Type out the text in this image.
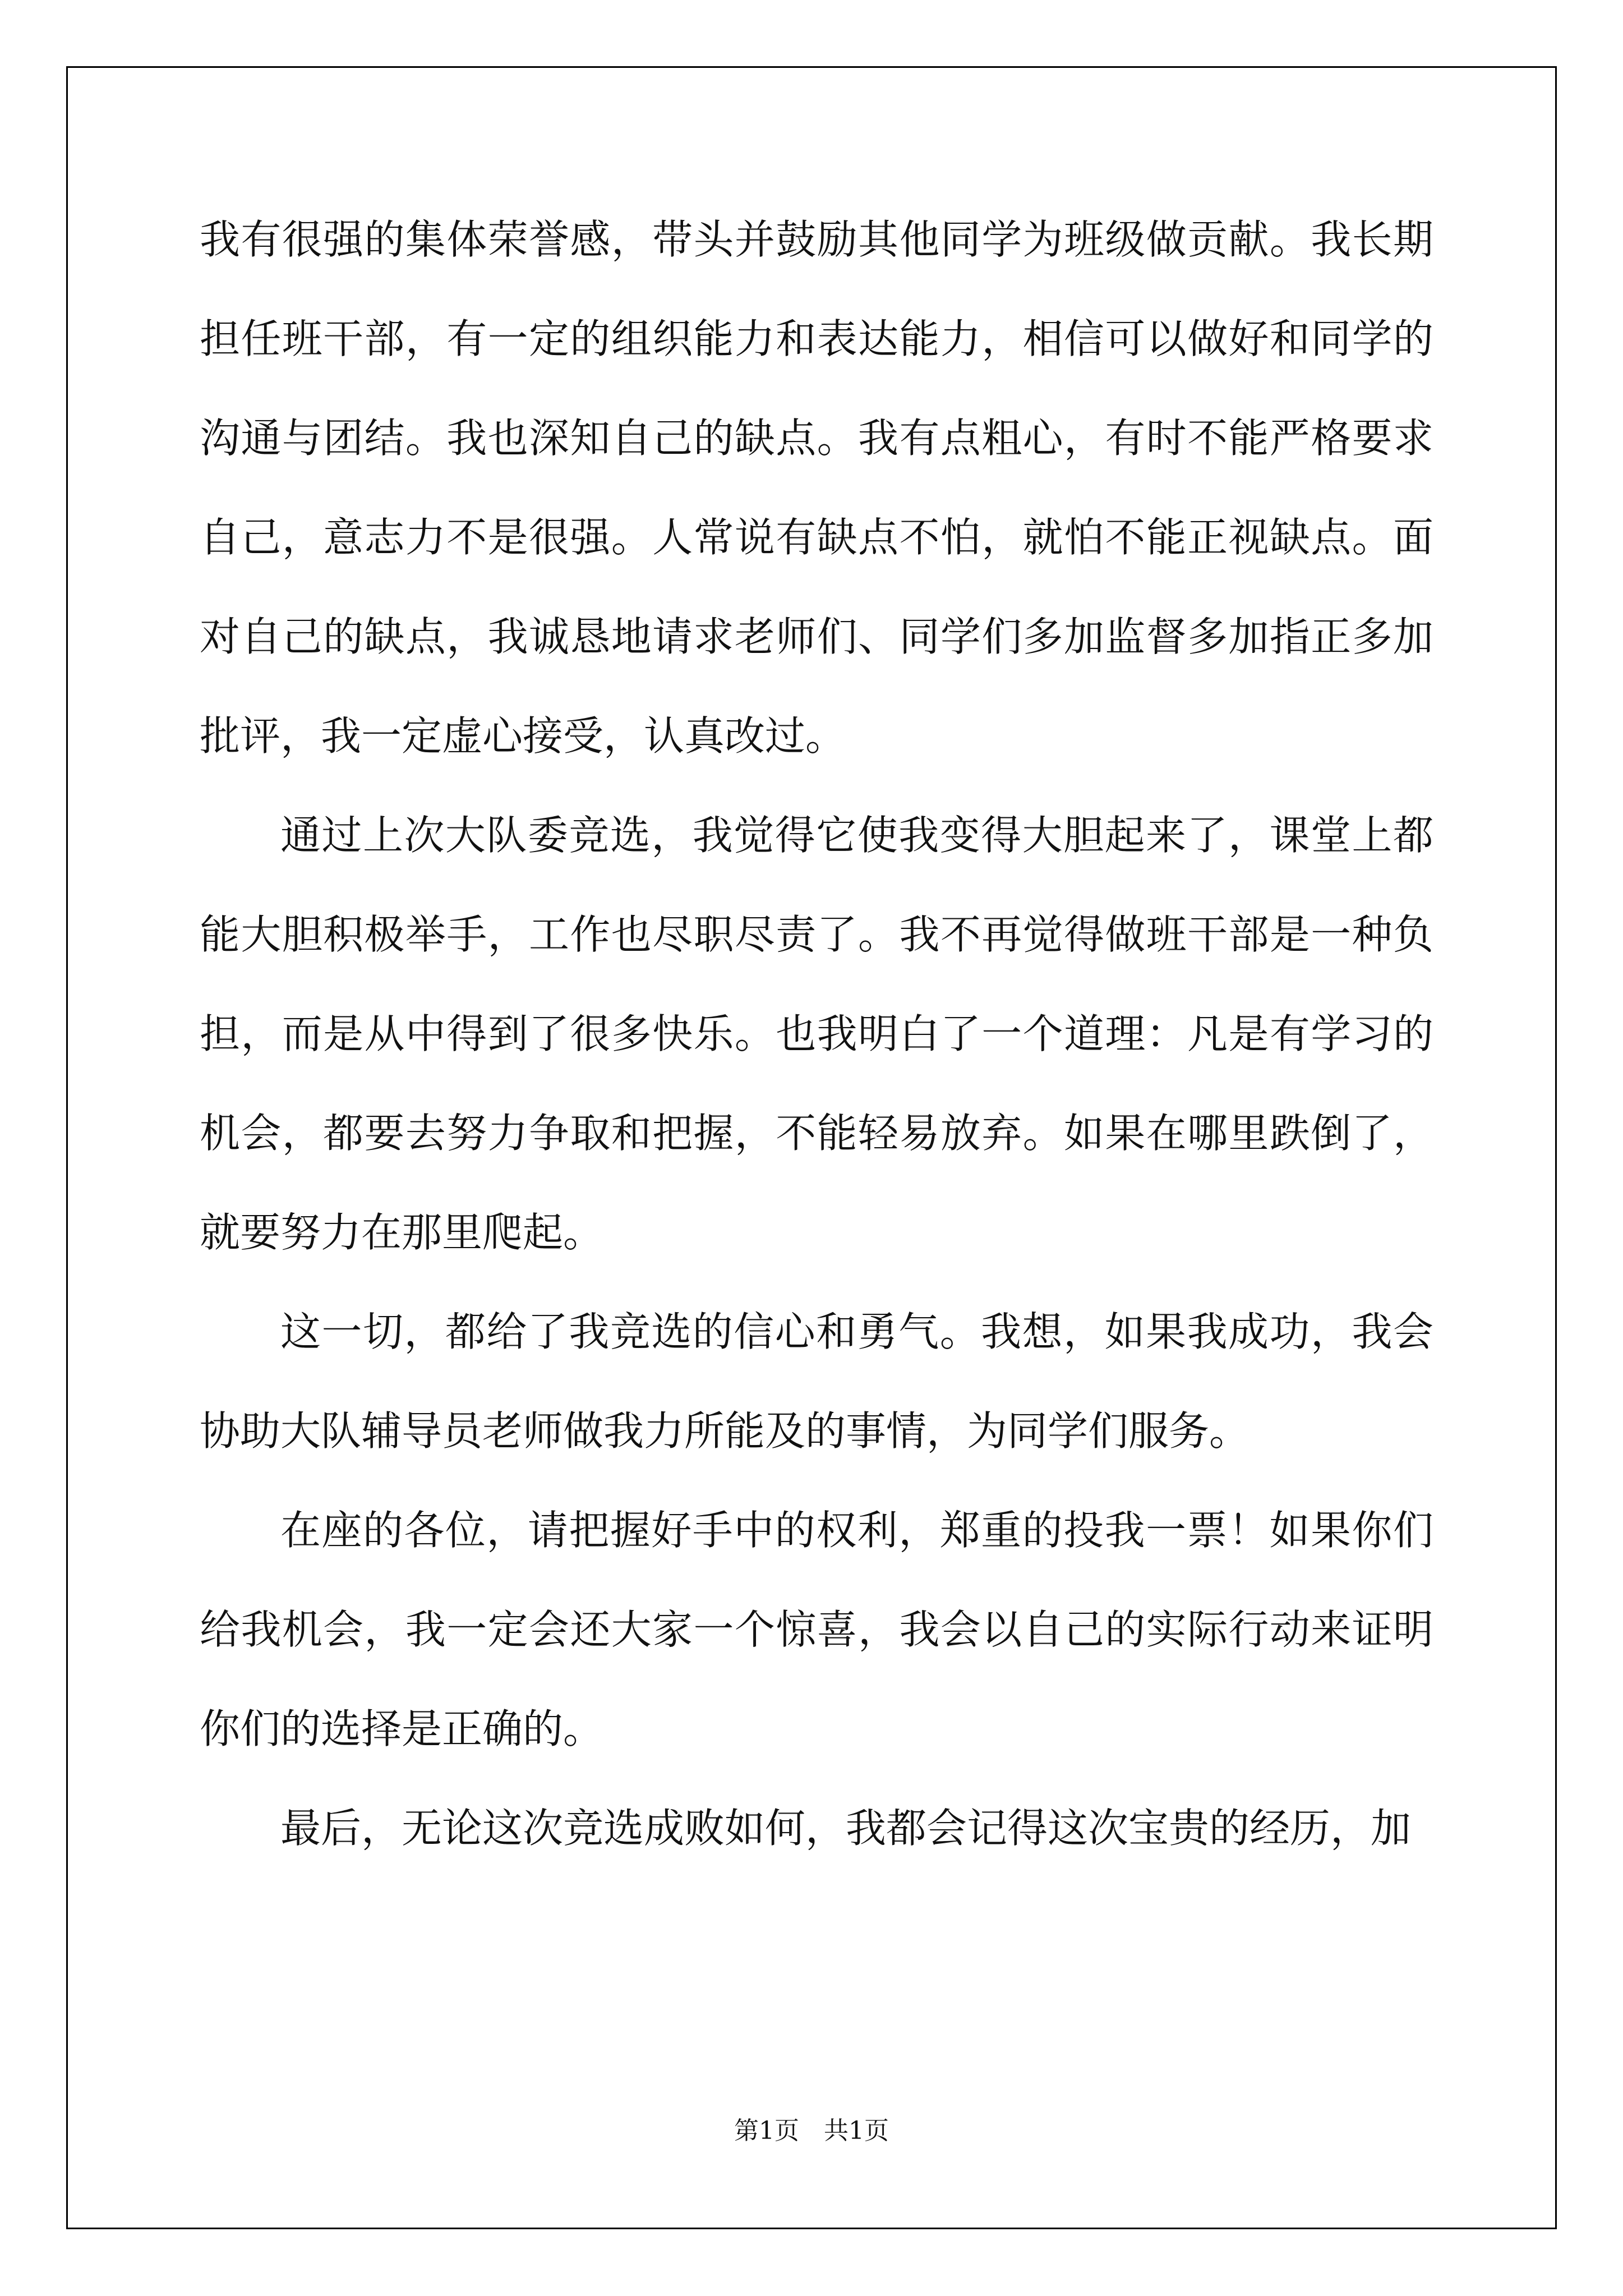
我有很强的集体荣誉感，带头并鼓励其他同学为班级做贡献。我长期
担任班干部，有一定的组织能力和表达能力，相信可以做好和同学的
沟通与团结。我也深知自己的缺点。我有点粗心，有时不能严格要求
自己，意志力不是很强。人常说有缺点不怕，就怕不能正视缺点。面
对自己的缺点，我诚恳地请求老师们、同学们多加监督多加指正多加
批评，我一定虚心接受，认真改过。
通过上次大队委竞选，我觉得它使我变得大胆起来了，课堂上都
能大胆积极举手，工作也尽职尽责了。我不再觉得做班干部是一种负
担，而是从中得到了很多快乐。也我明白了一个道理：凡是有学习的
机会，都要去努力争取和把握，不能轻易放弃。如果在哪里跌倒了，
就要努力在那里爬起。
这一切，都给了我竞选的信心和勇气。我想，如果我成功，我会
协助大队辅导员老师做我力所能及的事情，为同学们服务。
在座的各位，请把握好手中的权利，郑重的投我一票！如果你们
给我机会，我一定会还大家一个惊喜，我会以自己的实际行动来证明
你们的选择是正确的。
最后，无论这次竞选成败如何，我都会记得这次宝贵的经历，加
第1页　共1页
